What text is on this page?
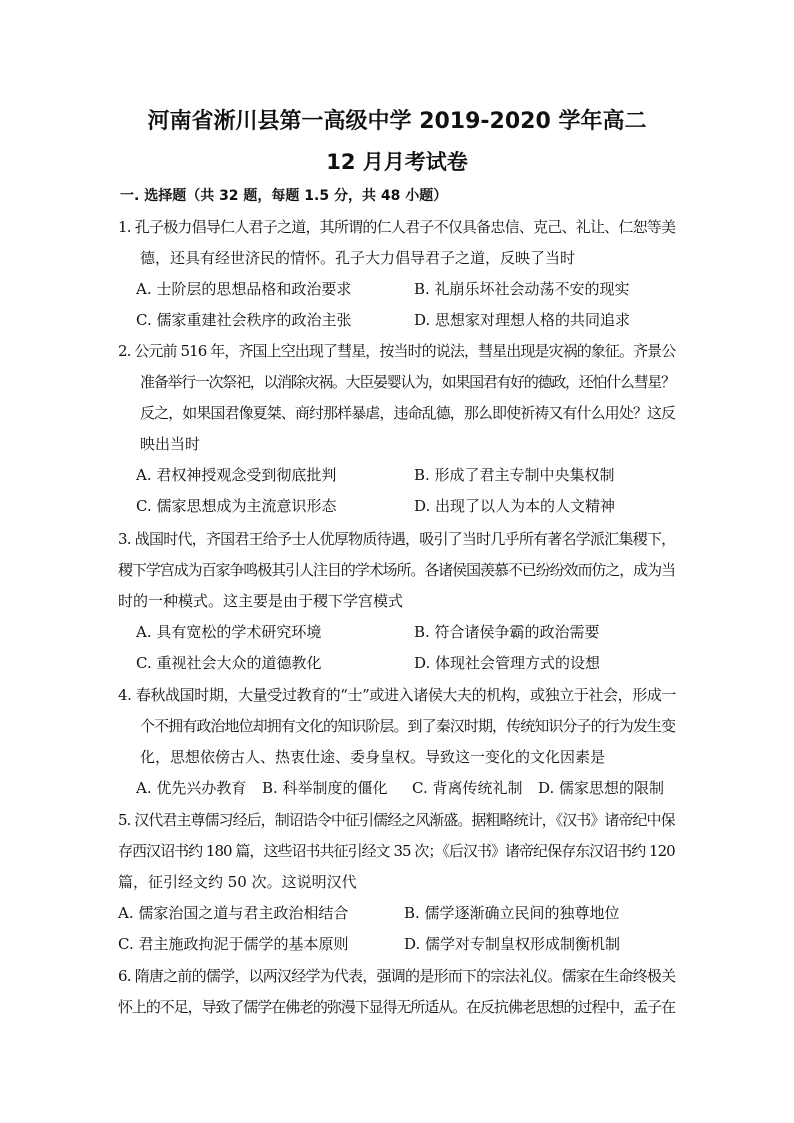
河南省淅川县第一高级中学 2019-2020 学年高二
12 月月考试卷
一. 选择题（共 32 题，每题 1.5 分，共 48 小题）
1. 孔子极力倡导仁人君子之道，其所谓的仁人君子不仅具备忠信、克己、礼让、仁恕等美
德，还具有经世济民的情怀。孔子大力倡导君子之道，反映了当时
A. 士阶层的思想品格和政治要求	B. 礼崩乐坏社会动荡不安的现实
C. 儒家重建社会秩序的政治主张	D. 思想家对理想人格的共同追求
2. 公元前 516 年，齐国上空出现了彗星，按当时的说法，彗星出现是灾祸的象征。齐景公
准备举行一次祭祀，以消除灾祸。大臣晏婴认为，如果国君有好的德政，还怕什么彗星？
反之，如果国君像夏桀、商纣那样暴虐，违命乱德，那么即使祈祷又有什么用处？这反
映出当时
A. 君权神授观念受到彻底批判	B. 形成了君主专制中央集权制
C. 儒家思想成为主流意识形态	D. 出现了以人为本的人文精神
3. 战国时代，齐国君王给予士人优厚物质待遇，吸引了当时几乎所有著名学派汇集稷下，
稷下学宫成为百家争鸣极其引人注目的学术场所。各诸侯国羡慕不已纷纷效而仿之，成为当
时的一种模式。这主要是由于稷下学宫模式
A. 具有宽松的学术研究环境	B. 符合诸侯争霸的政治需要
C. 重视社会大众的道德教化	D. 体现社会管理方式的设想
4. 春秋战国时期，大量受过教育的“士”或进入诸侯大夫的机构，或独立于社会，形成一
个不拥有政治地位却拥有文化的知识阶层。到了秦汉时期，传统知识分子的行为发生变
化，思想依傍古人、热衷仕途、委身皇权。导致这一变化的文化因素是
A. 优先兴办教育 B. 科举制度的僵化 C. 背离传统礼制 D. 儒家思想的限制
5. 汉代君主尊儒习经后，制诏诰令中征引儒经之风渐盛。据粗略统计，《汉书》诸帝纪中保
存西汉诏书约 180 篇，这些诏书共征引经文 35 次；《后汉书》诸帝纪保存东汉诏书约 120
篇，征引经文约 50 次。这说明汉代
A. 儒家治国之道与君主政治相结合	B. 儒学逐渐确立民间的独尊地位
C. 君主施政拘泥于儒学的基本原则	D. 儒学对专制皇权形成制衡机制
6. 隋唐之前的儒学，以两汉经学为代表，强调的是形而下的宗法礼仪。儒家在生命终极关
怀上的不足，导致了儒学在佛老的弥漫下显得无所适从。在反抗佛老思想的过程中，孟子在
